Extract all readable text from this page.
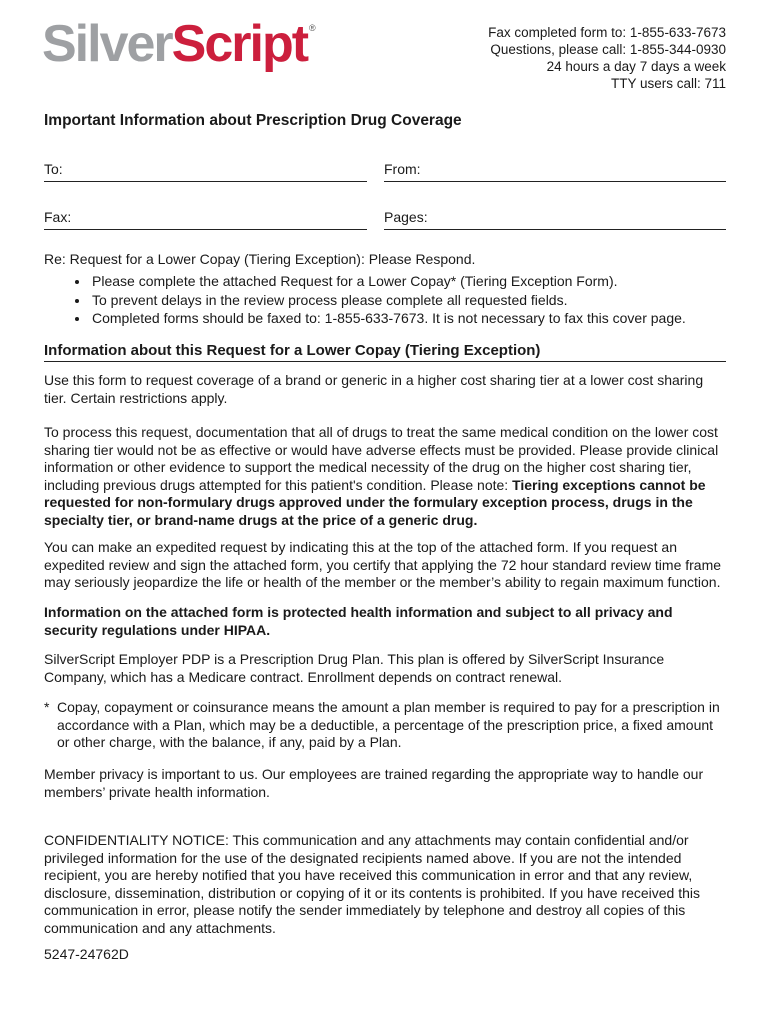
SilverScript ®	Fax completed form to: 1-855-633-7673
Questions, please call: 1-855-344-0930
24 hours a day 7 days a week
TTY users call: 711
Important Information about Prescription Drug Coverage
To:	From:
Fax:	Pages:
Re: Request for a Lower Copay (Tiering Exception): Please Respond.
• Please complete the attached Request for a Lower Copay* (Tiering Exception Form).
• To prevent delays in the review process please complete all requested fields.
• Completed forms should be faxed to: 1-855-633-7673. It is not necessary to fax this cover page.
Information about this Request for a Lower Copay (Tiering Exception)

Use this form to request coverage of a brand or generic in a higher cost sharing tier at a lower cost sharing tier. Certain restrictions apply.

To process this request, documentation that all of drugs to treat the same medical condition on the lower cost sharing tier would not be as effective or would have adverse effects must be provided. Please provide clinical information or other evidence to support the medical necessity of the drug on the higher cost sharing tier, including previous drugs attempted for this patient's condition. Please note: Tiering exceptions cannot be requested for non-formulary drugs approved under the formulary exception process, drugs in the specialty tier, or brand-name drugs at the price of a generic drug.

You can make an expedited request by indicating this at the top of the attached form. If you request an expedited review and sign the attached form, you certify that applying the 72 hour standard review time frame may seriously jeopardize the life or health of the member or the member’s ability to regain maximum function.

Information on the attached form is protected health information and subject to all privacy and security regulations under HIPAA.

SilverScript Employer PDP is a Prescription Drug Plan. This plan is offered by SilverScript Insurance Company, which has a Medicare contract. Enrollment depends on contract renewal.

* Copay, copayment or coinsurance means the amount a plan member is required to pay for a prescription in accordance with a Plan, which may be a deductible, a percentage of the prescription price, a fixed amount or other charge, with the balance, if any, paid by a Plan.

Member privacy is important to us. Our employees are trained regarding the appropriate way to handle our members’ private health information.

CONFIDENTIALITY NOTICE: This communication and any attachments may contain confidential and/or privileged information for the use of the designated recipients named above. If you are not the intended recipient, you are hereby notified that you have received this communication in error and that any review, disclosure, dissemination, distribution or copying of it or its contents is prohibited. If you have received this communication in error, please notify the sender immediately by telephone and destroy all copies of this communication and any attachments.

5247-24762D
